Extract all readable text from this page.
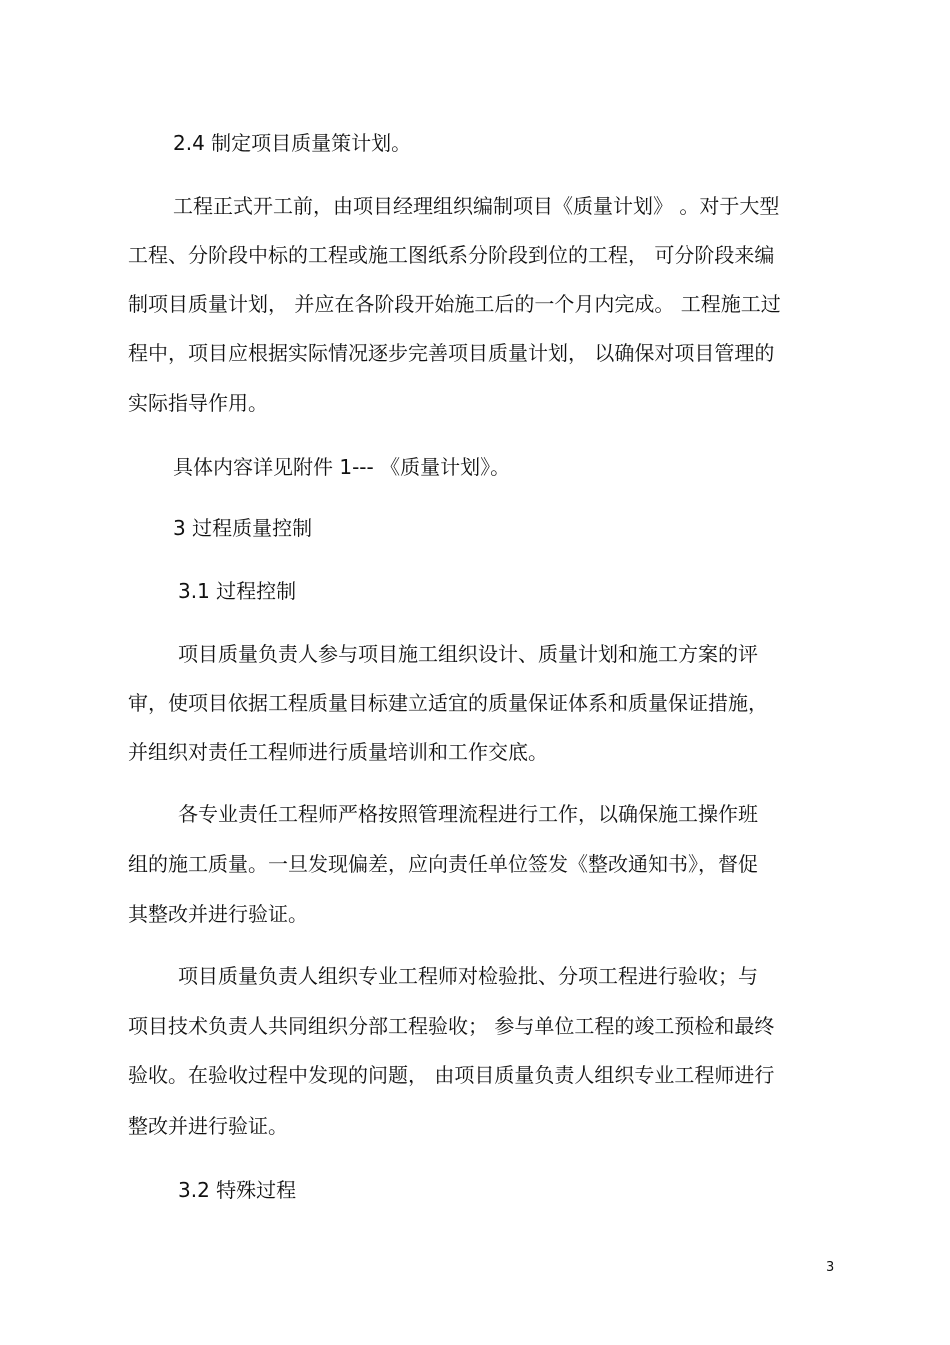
2.4 制定项目质量策计划。
工程正式开工前，由项目经理组织编制项目《质量计划》 。对于大型
工程、分阶段中标的工程或施工图纸系分阶段到位的工程， 可分阶段来编
制项目质量计划， 并应在各阶段开始施工后的一个月内完成。 工程施工过
程中，项目应根据实际情况逐步完善项目质量计划， 以确保对项目管理的
实际指导作用。
具体内容详见附件 1--- 《质量计划》。
3 过程质量控制
3.1 过程控制
项目质量负责人参与项目施工组织设计、质量计划和施工方案的评
审，使项目依据工程质量目标建立适宜的质量保证体系和质量保证措施，
并组织对责任工程师进行质量培训和工作交底。
各专业责任工程师严格按照管理流程进行工作，以确保施工操作班
组的施工质量。一旦发现偏差，应向责任单位签发《整改通知书》，督促
其整改并进行验证。
项目质量负责人组织专业工程师对检验批、分项工程进行验收；与
项目技术负责人共同组织分部工程验收； 参与单位工程的竣工预检和最终
验收。在验收过程中发现的问题， 由项目质量负责人组织专业工程师进行
整改并进行验证。
3.2 特殊过程
3
